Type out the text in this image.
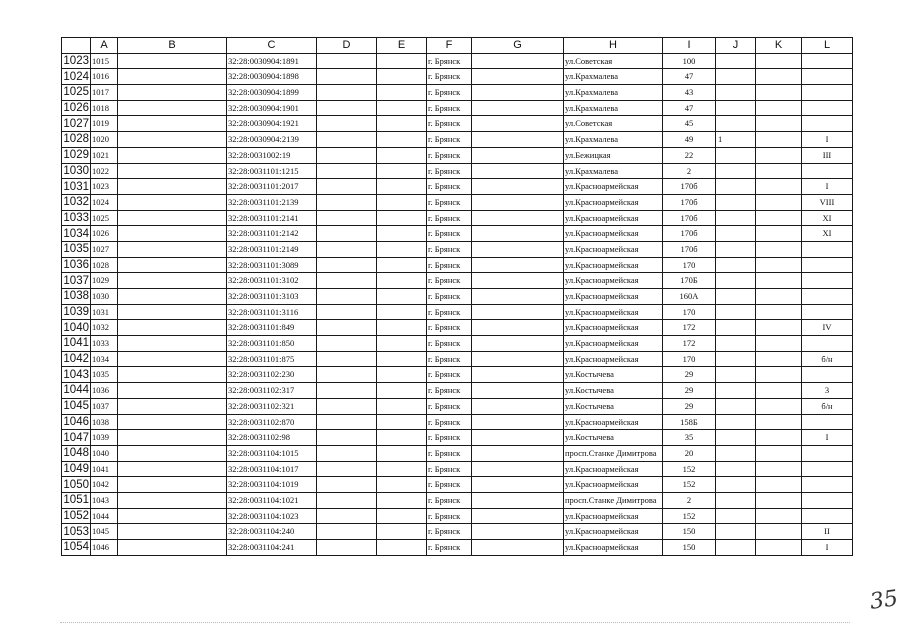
	A	B	C	D	E	F	G	H	I	J	K	L
1023	1015		32:28:0030904:1891			г. Брянск		ул.Советская	100			
1024	1016		32:28:0030904:1898			г. Брянск		ул.Крахмалева	47			
1025	1017		32:28:0030904:1899			г. Брянск		ул.Крахмалева	43			
1026	1018		32:28:0030904:1901			г. Брянск		ул.Крахмалева	47			
1027	1019		32:28:0030904:1921			г. Брянск		ул.Советская	45			
1028	1020		32:28:0030904:2139			г. Брянск		ул.Крахмалева	49	1		I
1029	1021		32:28:0031002:19			г. Брянск		ул.Бежицкая	22			III
1030	1022		32:28:0031101:1215			г. Брянск		ул.Крахмалева	2			
1031	1023		32:28:0031101:2017			г. Брянск		ул.Красноармейская	170б			I
1032	1024		32:28:0031101:2139			г. Брянск		ул.Красноармейская	170б			VIII
1033	1025		32:28:0031101:2141			г. Брянск		ул.Красноармейская	170б			XI
1034	1026		32:28:0031101:2142			г. Брянск		ул.Красноармейская	170б			XI
1035	1027		32:28:0031101:2149			г. Брянск		ул.Красноармейская	170б			
1036	1028		32:28:0031101:3089			г. Брянск		ул.Красноармейская	170			
1037	1029		32:28:0031101:3102			г. Брянск		ул.Красноармейская	170Б			
1038	1030		32:28:0031101:3103			г. Брянск		ул.Красноармейская	160А			
1039	1031		32:28:0031101:3116			г. Брянск		ул.Красноармейская	170			
1040	1032		32:28:0031101:849			г. Брянск		ул.Красноармейская	172			IV
1041	1033		32:28:0031101:850			г. Брянск		ул.Красноармейская	172			
1042	1034		32:28:0031101:875			г. Брянск		ул.Красноармейская	170			б/н
1043	1035		32:28:0031102:230			г. Брянск		ул.Костычева	29			
1044	1036		32:28:0031102:317			г. Брянск		ул.Костычева	29			3
1045	1037		32:28:0031102:321			г. Брянск		ул.Костычева	29			б/н
1046	1038		32:28:0031102:870			г. Брянск		ул.Красноармейская	158Б			
1047	1039		32:28:0031102:98			г. Брянск		ул.Костычева	35			I
1048	1040		32:28:0031104:1015			г. Брянск		просп.Станке Димитрова	20			
1049	1041		32:28:0031104:1017			г. Брянск		ул.Красноармейская	152			
1050	1042		32:28:0031104:1019			г. Брянск		ул.Красноармейская	152			
1051	1043		32:28:0031104:1021			г. Брянск		просп.Станке Димитрова	2			
1052	1044		32:28:0031104:1023			г. Брянск		ул.Красноармейская	152			
1053	1045		32:28:0031104:240			г. Брянск		ул.Красноармейская	150			II
1054	1046		32:28:0031104:241			г. Брянск		ул.Красноармейская	150			I
35
